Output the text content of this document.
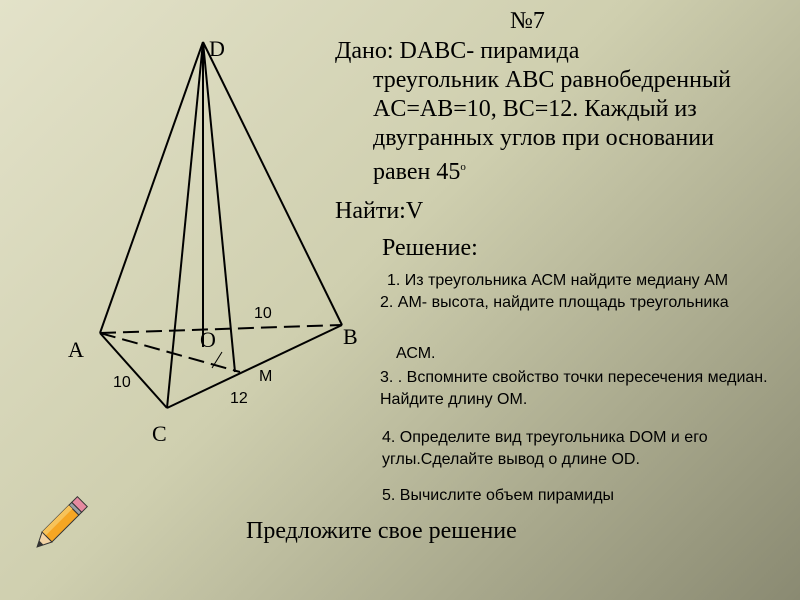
D
A
B
C
O
M
10
10
12
№7
Дано: DABC- пирамида
треугольник ABC равнобедренный
AC=AB=10, BC=12. Каждый из
двугранных углов при основании
равен $45^о$
Найти:V
Решение:
1. Из треугольника АСМ найдите медиану АМ
2. АМ- высота, найдите площадь треугольника
АСМ.
3. . Вспомните свойство точки пересечения медиан. Найдите длину ОМ.
4. Определите вид треугольника DOM и его углы.Сделайте вывод о длине OD.
5. Вычислите объем пирамиды
Предложите свое решение
